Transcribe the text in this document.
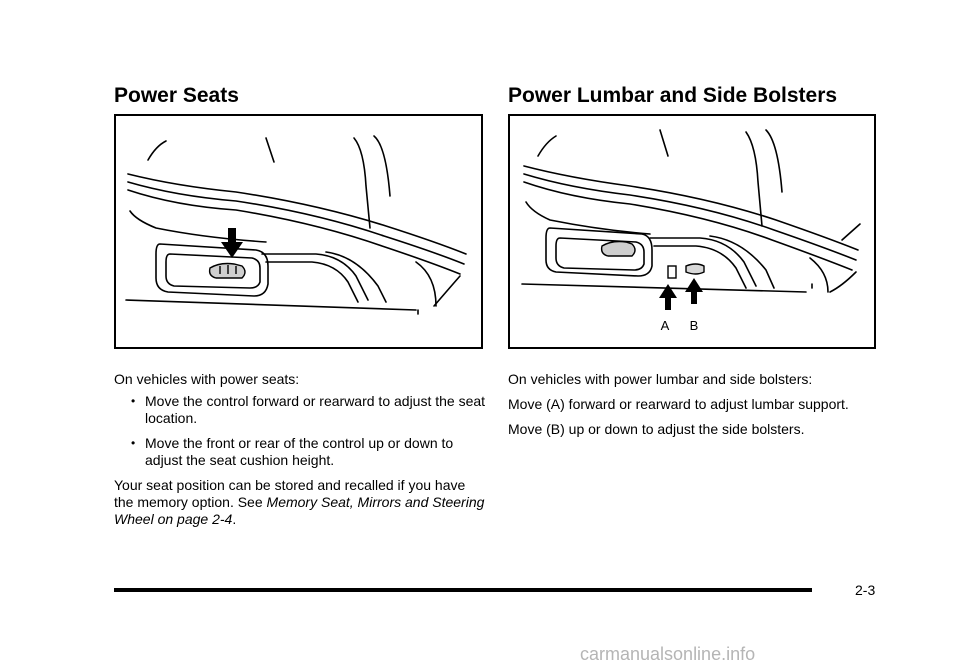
Power Seats

On vehicles with power seats:

• Move the control forward or rearward to adjust the seat location.

• Move the front or rear of the control up or down to adjust the seat cushion height.

Your seat position can be stored and recalled if you have the memory option. See Memory Seat, Mirrors and Steering Wheel on page 2-4.

Power Lumbar and Side Bolsters
A B

On vehicles with power lumbar and side bolsters:

Move (A) forward or rearward to adjust lumbar support.

Move (B) up or down to adjust the side bolsters.

2-3
carmanualsonline.info
